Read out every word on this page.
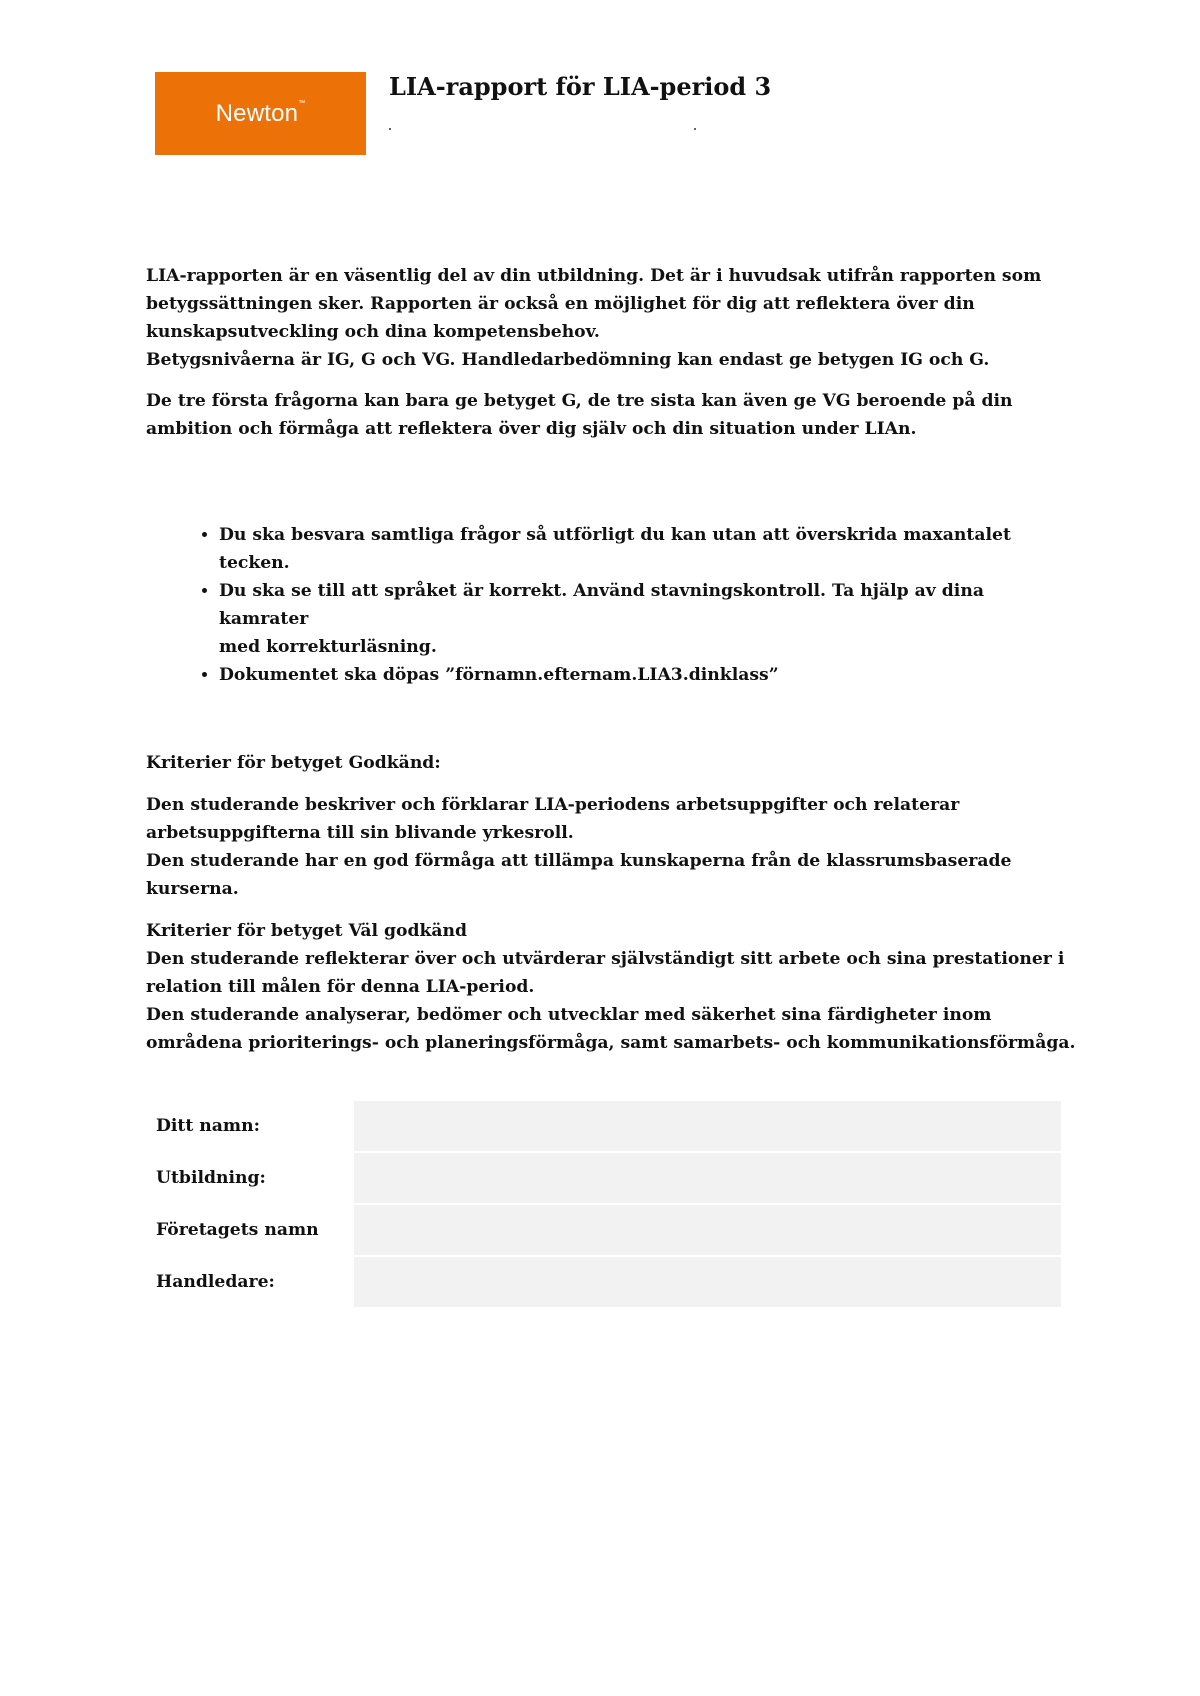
Newton™
LIA-rapport för LIA-period 3

LIA-rapporten är en väsentlig del av din utbildning. Det är i huvudsak utifrån rapporten som
betygssättningen sker. Rapporten är också en möjlighet för dig att reflektera över din
kunskapsutveckling och dina kompetensbehov.
Betygsnivåerna är IG, G och VG. Handledarbedömning kan endast ge betygen IG och G.

De tre första frågorna kan bara ge betyget G, de tre sista kan även ge VG beroende på din
ambition och förmåga att reflektera över dig själv och din situation under LIAn.

• Du ska besvara samtliga frågor så utförligt du kan utan att överskrida maxantalet tecken.
• Du ska se till att språket är korrekt. Använd stavningskontroll. Ta hjälp av dina kamrater
med korrekturläsning.
• Dokumentet ska döpas ”förnamn.efternam.LIA3.dinklass”

Kriterier för betyget Godkänd:

Den studerande beskriver och förklarar LIA-periodens arbetsuppgifter och relaterar
arbetsuppgifterna till sin blivande yrkesroll.
Den studerande har en god förmåga att tillämpa kunskaperna från de klassrumsbaserade
kurserna.

Kriterier för betyget Väl godkänd

Den studerande reflekterar över och utvärderar självständigt sitt arbete och sina prestationer i
relation till målen för denna LIA-period.
Den studerande analyserar, bedömer och utvecklar med säkerhet sina färdigheter inom
områdena prioriterings- och planeringsförmåga, samt samarbets- och kommunikationsförmåga.

Ditt namn:	
Utbildning:	
Företagets namn	
Handledare:	
